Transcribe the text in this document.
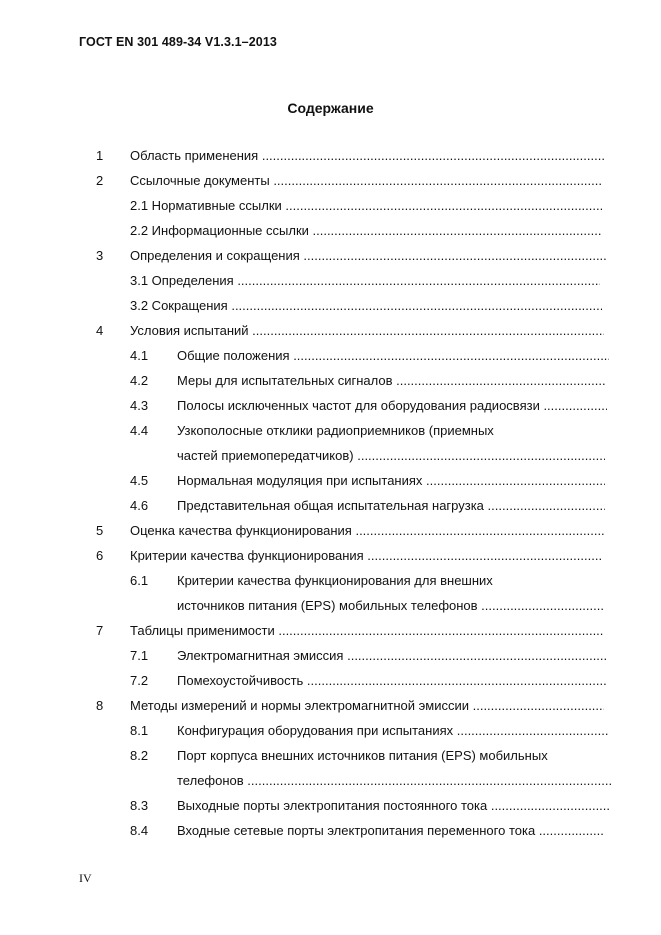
ГОСТ EN 301 489-34 V1.3.1–2013
Содержание
1 Область применения .....
2 Ссылочные документы .....
2.1 Нормативные ссылки .....
2.2 Информационные ссылки .....
3 Определения и сокращения .....
3.1 Определения .....
3.2 Сокращения .....
4 Условия испытаний .....
4.1 Общие положения .....
4.2 Меры для испытательных сигналов .....
4.3 Полосы исключенных частот для оборудования радиосвязи .....
4.4 Узкополосные отклики радиоприемников (приемных
частей приемопередатчиков) .....
4.5 Нормальная модуляция при испытаниях .....
4.6 Представительная общая испытательная нагрузка .....
5 Оценка качества функционирования .....
6 Критерии качества функционирования .....
6.1 Критерии качества функционирования для внешних
источников питания (EPS) мобильных телефонов .....
7 Таблицы применимости .....
7.1 Электромагнитная эмиссия .....
7.2 Помехоустойчивость .....
8 Методы измерений и нормы электромагнитной эмиссии .....
8.1 Конфигурация оборудования при испытаниях .....
8.2 Порт корпуса внешних источников питания (EPS) мобильных
телефонов .....
8.3 Выходные порты электропитания постоянного тока .....
8.4 Входные сетевые порты электропитания переменного тока .....
IV
